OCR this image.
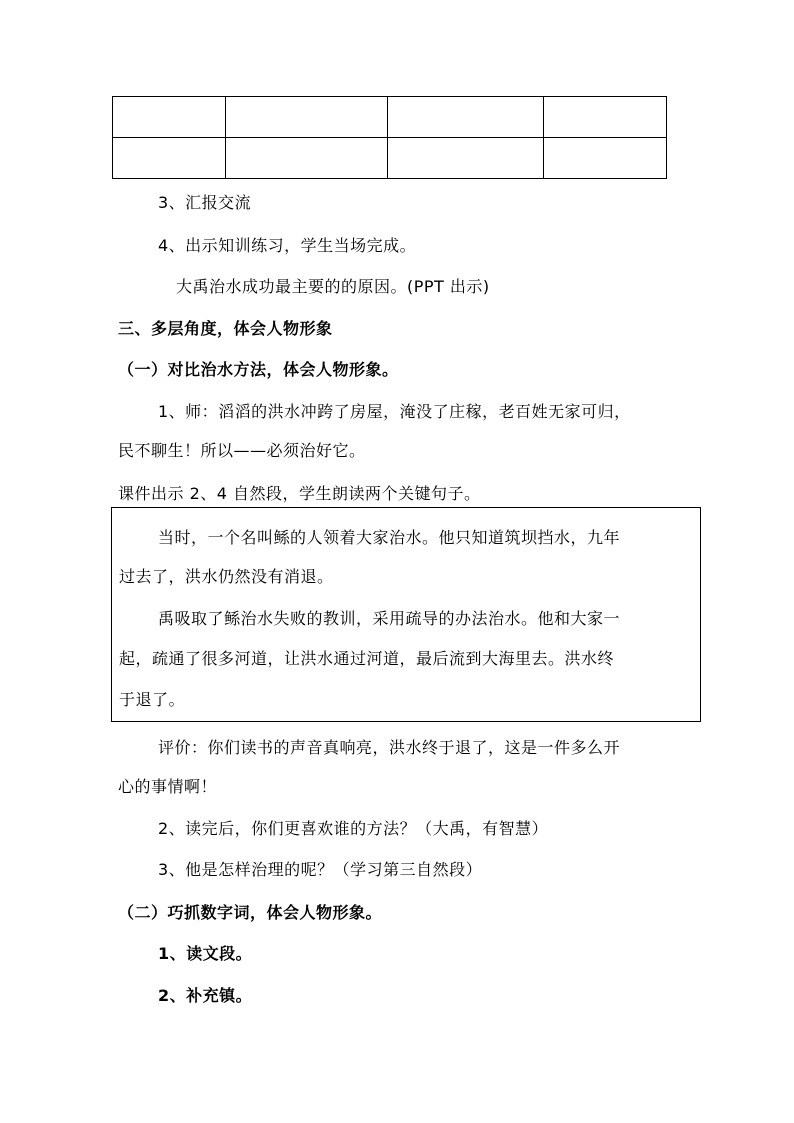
3、汇报交流
4、出示知训练习，学生当场完成。
大禹治水成功最主要的的原因。(PPT 出示)
三、多层角度，体会人物形象
（一）对比治水方法，体会人物形象。
1、师：滔滔的洪水冲跨了房屋，淹没了庄稼，老百姓无家可归，
民不聊生！所以——必须治好它。
课件出示 2、4 自然段，学生朗读两个关键句子。
当时，一个名叫鲧的人领着大家治水。他只知道筑坝挡水，九年
过去了，洪水仍然没有消退。
禹吸取了鲧治水失败的教训，采用疏导的办法治水。他和大家一
起，疏通了很多河道，让洪水通过河道，最后流到大海里去。洪水终
于退了。
评价：你们读书的声音真响亮，洪水终于退了，这是一件多么开
心的事情啊！
2、读完后，你们更喜欢谁的方法？（大禹，有智慧）
3、他是怎样治理的呢？（学习第三自然段）
（二）巧抓数字词，体会人物形象。
1、读文段。
2、补充镇。
